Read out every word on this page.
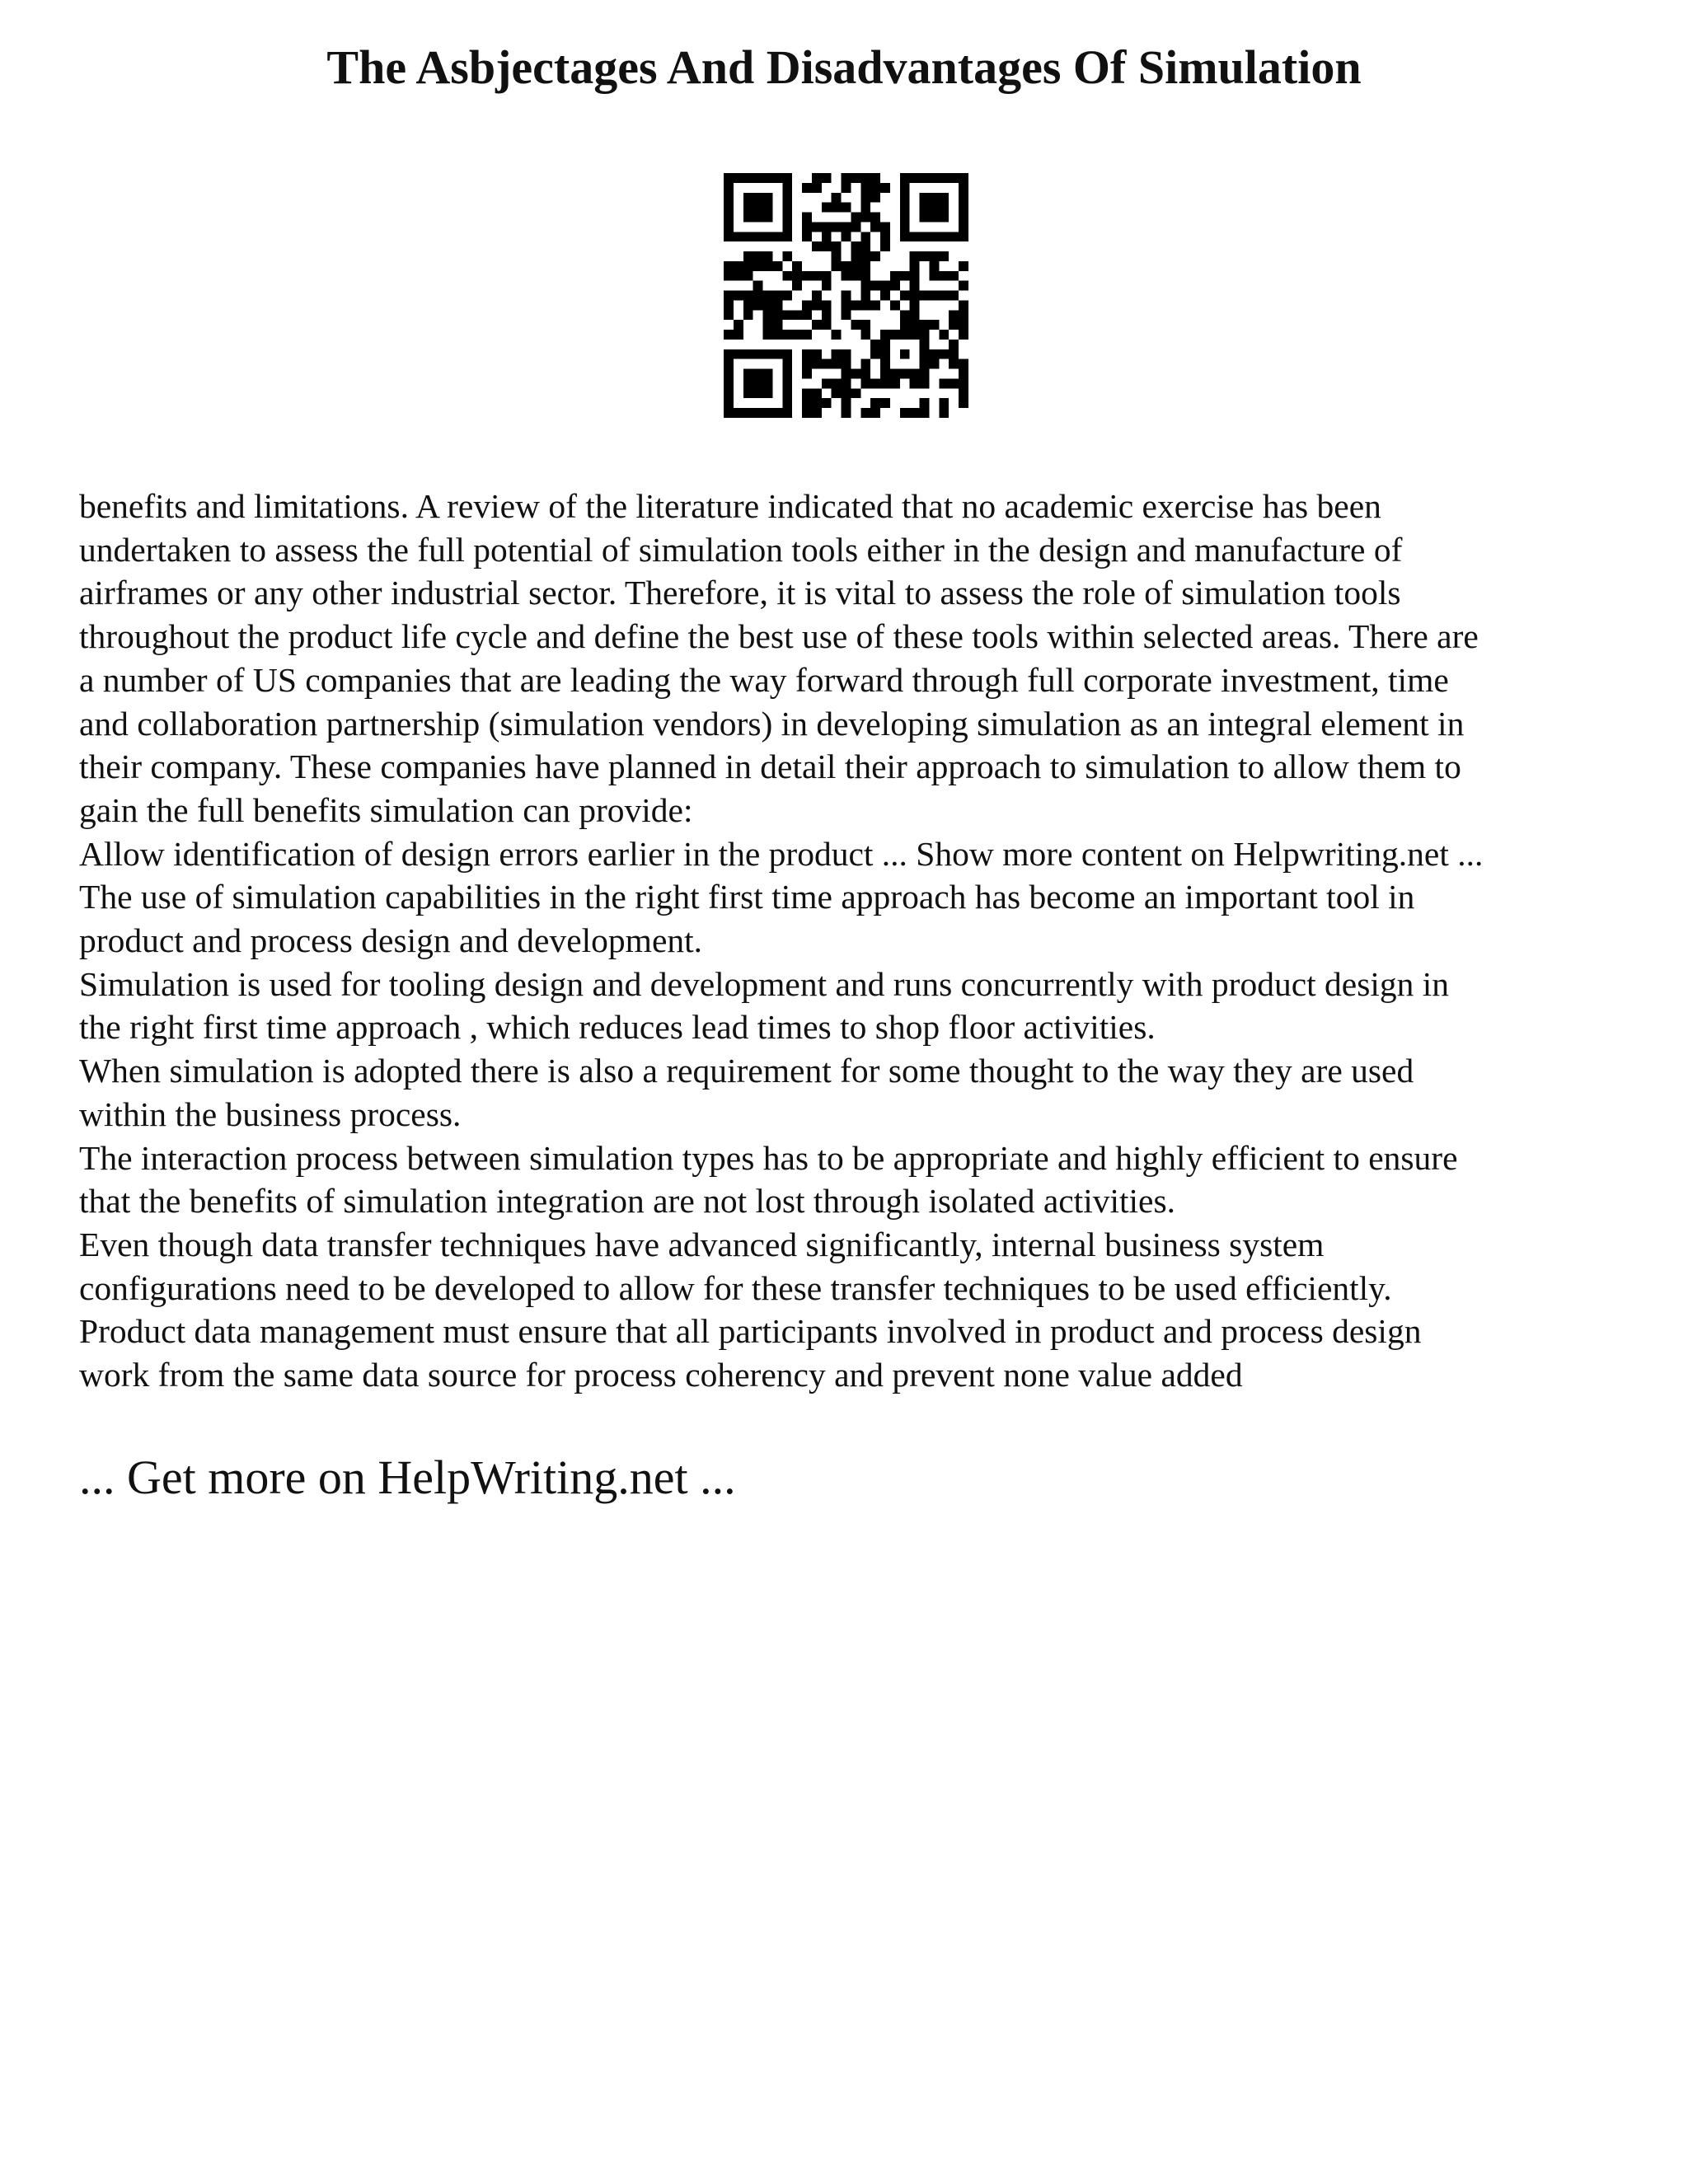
The Asbjectages And Disadvantages Of Simulation
benefits and limitations. A review of the literature indicated that no academic exercise has been
undertaken to assess the full potential of simulation tools either in the design and manufacture of
airframes or any other industrial sector. Therefore, it is vital to assess the role of simulation tools
throughout the product life cycle and define the best use of these tools within selected areas. There are
a number of US companies that are leading the way forward through full corporate investment, time
and collaboration partnership (simulation vendors) in developing simulation as an integral element in
their company. These companies have planned in detail their approach to simulation to allow them to
gain the full benefits simulation can provide:
Allow identification of design errors earlier in the product ... Show more content on Helpwriting.net ...
The use of simulation capabilities in the right first time approach has become an important tool in
product and process design and development.
Simulation is used for tooling design and development and runs concurrently with product design in
the right first time approach , which reduces lead times to shop floor activities.
When simulation is adopted there is also a requirement for some thought to the way they are used
within the business process.
The interaction process between simulation types has to be appropriate and highly efficient to ensure
that the benefits of simulation integration are not lost through isolated activities.
Even though data transfer techniques have advanced significantly, internal business system
configurations need to be developed to allow for these transfer techniques to be used efficiently.
Product data management must ensure that all participants involved in product and process design
work from the same data source for process coherency and prevent none value added
... Get more on HelpWriting.net ...
